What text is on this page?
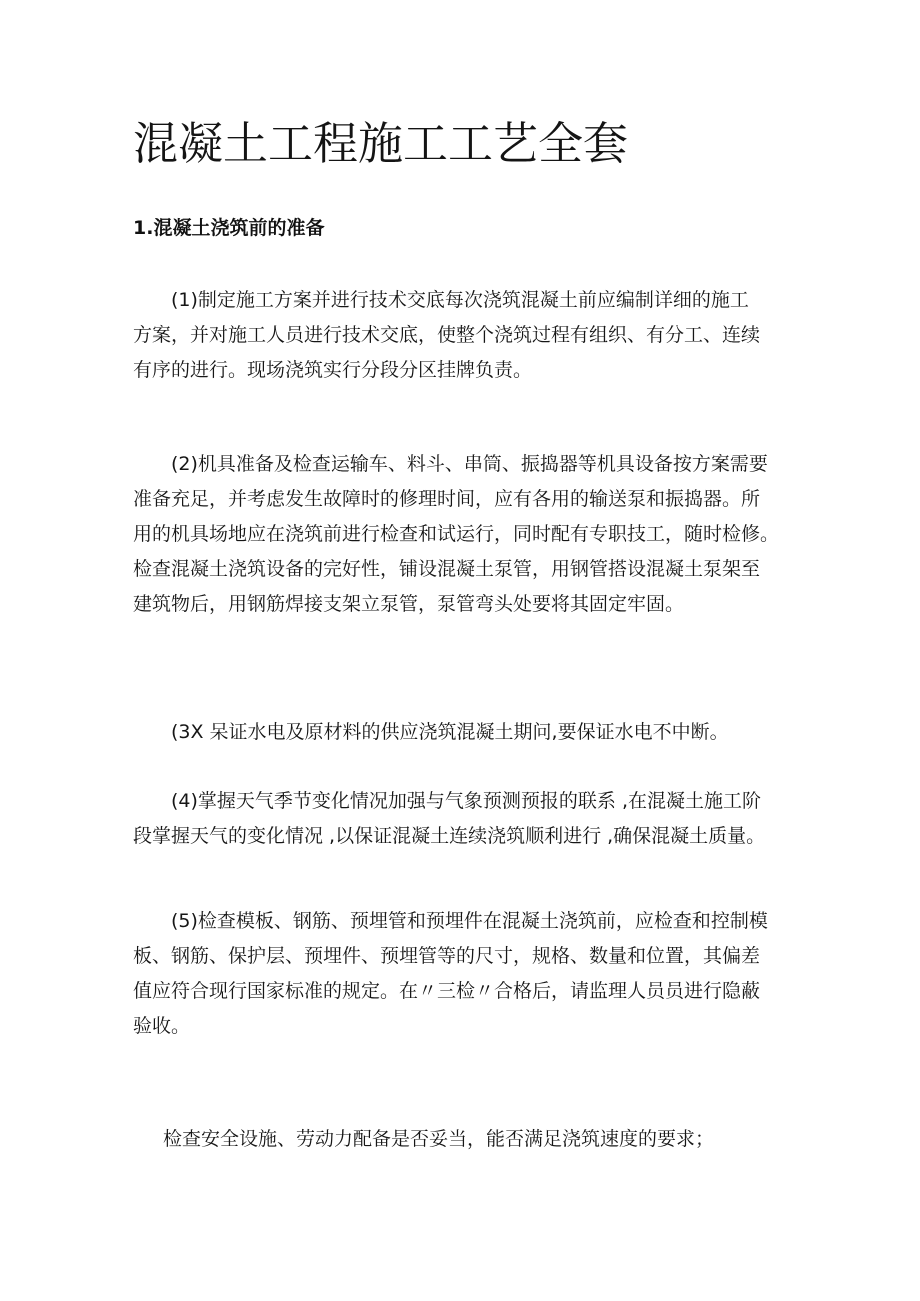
混凝土工程施工工艺全套
1.混凝土浇筑前的准备
(1)制定施工方案并进行技术交底每次浇筑混凝土前应编制详细的施工
方案，并对施工人员进行技术交底，使整个浇筑过程有组织、有分工、连续
有序的进行。现场浇筑实行分段分区挂牌负责。
(2)机具准备及检查运输车、料斗、串筒、振捣器等机具设备按方案需要
准备充足，并考虑发生故障时的修理时间，应有各用的输送泵和振捣器。所
用的机具场地应在浇筑前进行检查和试运行，同时配有专职技工，随时检修。
检查混凝土浇筑设备的完好性，铺设混凝土泵管，用钢管搭设混凝土泵架至
建筑物后，用钢筋焊接支架立泵管，泵管弯头处要将其固定牢固。
(3X 呆证水电及原材料的供应浇筑混凝土期问,要保证水电不中断。
(4)掌握天气季节变化情况加强与气象预测预报的联系 ,在混凝土施工阶
段掌握天气的变化情况 ,以保证混凝土连续浇筑顺利进行 ,确保混凝土质量。
(5)检查模板、钢筋、预埋管和预埋件在混凝土浇筑前，应检查和控制模
板、钢筋、保护层、预埋件、预埋管等的尺寸，规格、数量和位置，其偏差
值应符合现行国家标准的规定。在〃三检〃合格后，请监理人员员进行隐蔽
验收。
检查安全设施、劳动力配备是否妥当，能否满足浇筑速度的要求；
